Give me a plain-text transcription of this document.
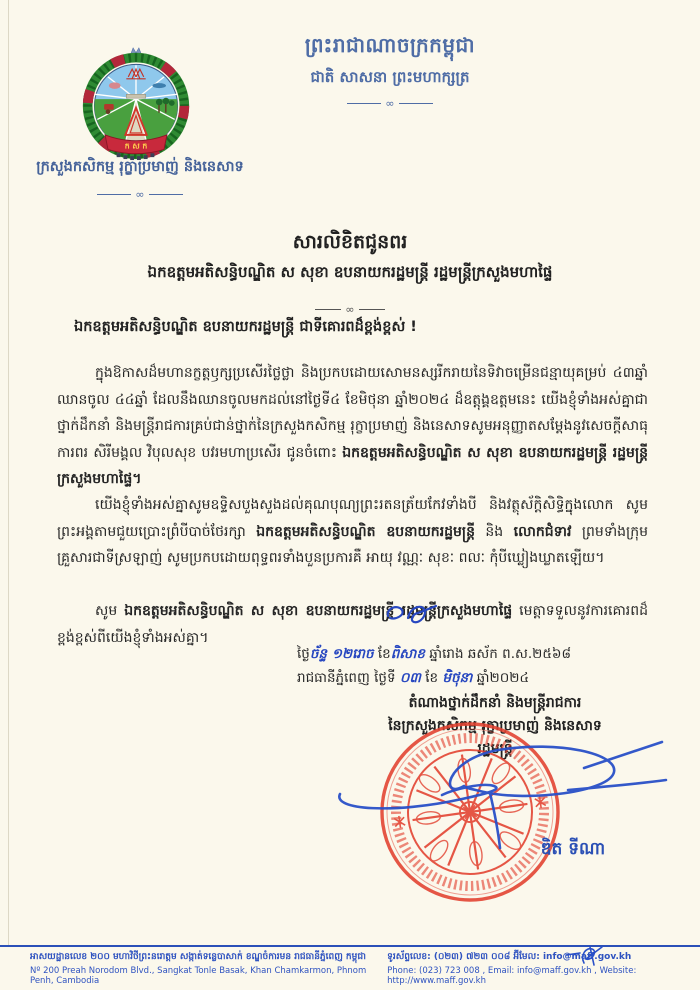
ព្រះរាជាណាចក្រកម្ពុជា
ជាតិ សាសនា ព្រះមហាក្សត្រ
∞
ក ស ក
ក្រសួងកសិកម្ម រុក្ខាប្រមាញ់ និងនេសាទ
∞
សារលិខិតជូនពរ
ឯកឧត្តមអតិសន្ធិបណ្ឌិត ស សុខា ឧបនាយករដ្ឋមន្ត្រី រដ្ឋមន្ត្រីក្រសួងមហាផ្ទៃ
∞
ឯកឧត្តមអតិសន្ធិបណ្ឌិត ឧបនាយករដ្ឋមន្ត្រី ជាទីគោរពដ៏ខ្ពង់ខ្ពស់ !

ក្នុងឱកាសដ៏មហានក្ខត្តឫក្សប្រសើរថ្លៃថ្លា និងប្រកបដោយសោមនស្សរីករាយនៃទិវាចម្រើនជន្មាយុគម្រប់ ៤៣ឆ្នាំ ឈានចូល ៤៤ឆ្នាំ ដែលនឹងឈានចូលមកដល់នៅថ្ងៃទី៤ ខែមិថុនា ឆ្នាំ២០២៤ ដ៏ឧត្តុង្គឧត្តមនេះ យើងខ្ញុំទាំងអស់គ្នាជាថ្នាក់ដឹកនាំ និងមន្ត្រីរាជការគ្រប់ជាន់ថ្នាក់នៃក្រសួងកសិកម្ម រុក្ខាប្រមាញ់ និងនេសាទសូមអនុញ្ញាតសម្ដែងនូវសេចក្ដីសាធុការពរ សិរីមង្គល វិបុលសុខ បវរមហាប្រសើរ ជូនចំពោះ ឯកឧត្តមអតិសន្ធិបណ្ឌិត ស សុខា ឧបនាយករដ្ឋមន្ត្រី រដ្ឋមន្ត្រីក្រសួងមហាផ្ទៃ។

យើងខ្ញុំទាំងអស់គ្នាសូមឧទ្ទិសបួងសួងដល់គុណបុណ្យព្រះរតនត្រ័យកែវទាំងបី និងវត្ថុស័ក្តិសិទ្ធិក្នុងលោក សូមព្រះអង្គតាមជួយប្រោះព្រំបីបាច់ថែរក្សា ឯកឧត្តមអតិសន្ធិបណ្ឌិត ឧបនាយករដ្ឋមន្ត្រី និង លោកជំទាវ ព្រមទាំងក្រុមគ្រួសារជាទីស្រឡាញ់ សូមប្រកបដោយពុទ្ធពរទាំងបួនប្រការគឺ អាយុ វណ្ណៈ សុខៈ ពលៈ កុំបីឃ្លៀងឃ្លាតឡើយ។

សូម ឯកឧត្តមអតិសន្ធិបណ្ឌិត ស សុខា ឧបនាយករដ្ឋមន្ត្រី រដ្ឋមន្ត្រីក្រសួងមហាផ្ទៃ មេត្តាទទួលនូវការគោរពដ៏ខ្ពង់ខ្ពស់ពីយើងខ្ញុំទាំងអស់គ្នា។

ថ្ងៃច័ន្ទ ១២រោច ខែពិសាខ ឆ្នាំរោង ឆស័ក ព.ស.២៥៦៨
រាជធានីភ្នំពេញ ថ្ងៃទី ០៣ ខែ មិថុនា ឆ្នាំ២០២៤
តំណាងថ្នាក់ដឹកនាំ និងមន្ត្រីរាជការ
នៃក្រសួងកសិកម្ម រុក្ខាប្រមាញ់ និងនេសាទ
រដ្ឋមន្ត្រី
ឌិត ទីណា
អាសយដ្ឋានលេខ ២០០ មហាវិថីព្រះនរោត្តម សង្កាត់ទន្លេបាសាក់ ខណ្ឌចំការមន រាជធានីភ្នំពេញ កម្ពុជា
Nº 200 Preah Norodom Blvd., Sangkat Tonle Basak, Khan Chamkarmon, Phnom Penh, Cambodia
ទូរស័ព្ទលេខ: (០២៣) ៧២៣ ០០៨ អ៊ីមែល: info@maff.gov.kh
Phone: (023) 723 008 , Email: info@maff.gov.kh , Website: http://www.maff.gov.kh
